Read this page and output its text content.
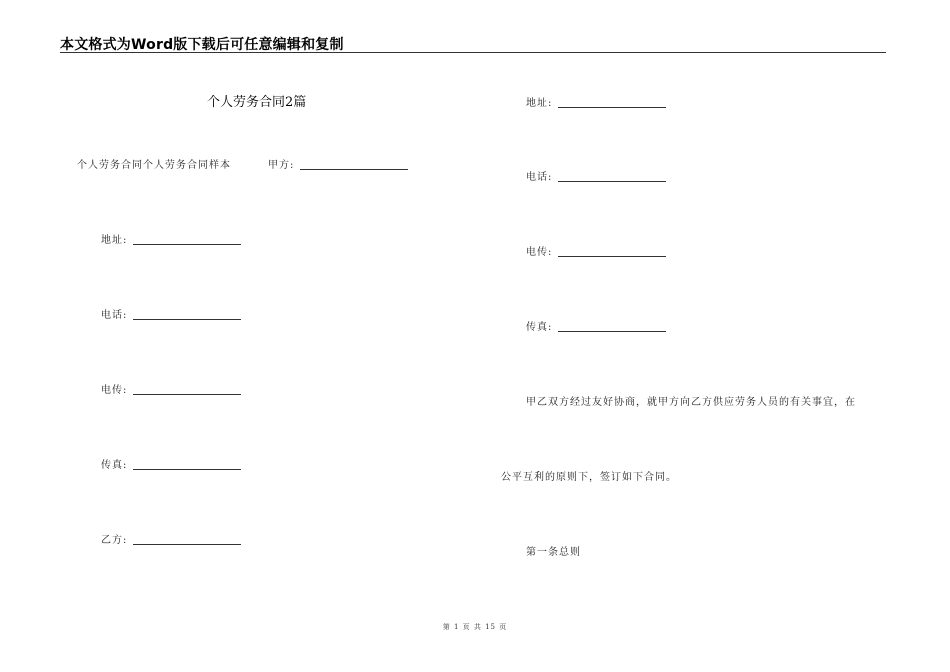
本文格式为Word版下载后可任意编辑和复制
个人劳务合同2篇
个人劳务合同个人劳务合同样本	甲方:
地址:
电话:
电传:
传真:
乙方:
地址:
电话:
电传:
传真:
甲乙双方经过友好协商，就甲方向乙方供应劳务人员的有关事宜，在
公平互利的原则下，签订如下合同。
第一条总则
第 1 页 共 15 页
